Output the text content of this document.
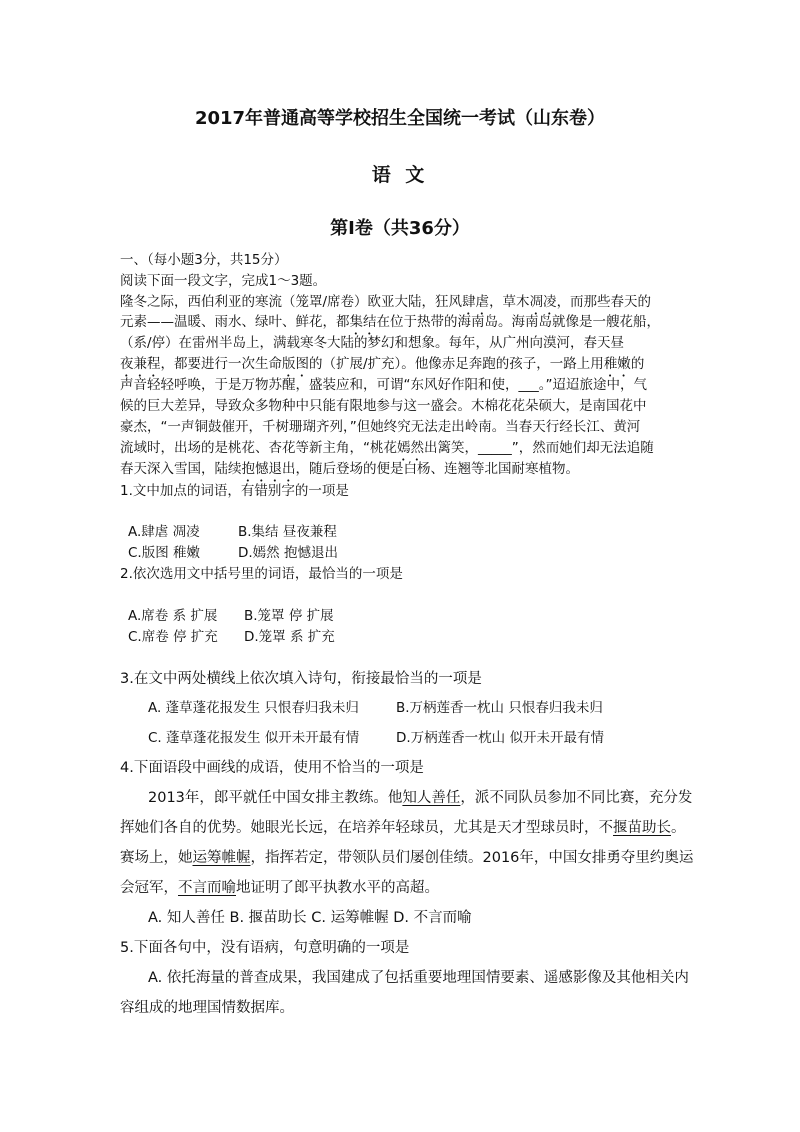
2017年普通高等学校招生全国统一考试（山东卷）
语 文
第Ⅰ卷（共36分）

一、（每小题3分，共15分）

阅读下面一段文字，完成1～3题。

隆冬之际，西伯利亚的寒流（笼罩/席卷）欧亚大陆，狂风肆虐，草木凋凌，而那些春天的

元素——温暖、雨水、绿叶、鲜花，都集结在位于热带的海南岛。海南岛就像是一艘花船，

（系/停）在雷州半岛上，满载寒冬大陆的梦幻和想象。每年，从广州向漠河，春天昼

夜兼程，都要进行一次生命版图的（扩展/扩充）。他像赤足奔跑的孩子，一路上用稚嫩的

声音轻轻呼唤，于是万物苏醒，盛装应和，可谓“东风好作阳和使，___。”迢迢旅途中，气

候的巨大差异，导致众多物种中只能有限地参与这一盛会。木棉花花朵硕大，是南国花中

豪杰，“一声铜鼓催开，千树珊瑚齐列，”但她终究无法走出岭南。当春天行经长江、黄河

流域时，出场的是桃花、杏花等新主角，“桃花嫣然出篱笑，_____”，然而她们却无法追随

春天深入雪国，陆续抱憾退出，随后登场的便是白杨、连翘等北国耐寒植物。

1.文中加点的词语，有错别字的一项是

A.肆虐 凋凌	B.集结 昼夜兼程

C.版图 稚嫩	D.嫣然 抱憾退出

2.依次选用文中括号里的词语，最恰当的一项是

A.席卷 系 扩展 B.笼罩 停 扩展

C.席卷 停 扩充 D.笼罩 系 扩充

3.在文中两处横线上依次填入诗句，衔接最恰当的一项是

A. 蓬草蓬花报发生 只恨春归我未归	B.万柄莲香一枕山 只恨春归我未归

C. 蓬草蓬花报发生 似开未开最有情	D.万柄莲香一枕山 似开未开最有情

4.下面语段中画线的成语，使用不恰当的一项是

2013年，郎平就任中国女排主教练。他知人善任，派不同队员参加不同比赛，充分发

挥她们各自的优势。她眼光长远，在培养年轻球员，尤其是天才型球员时，不揠苗助长。

赛场上，她运筹帷幄，指挥若定，带领队员们屡创佳绩。2016年，中国女排勇夺里约奥运

会冠军，不言而喻地证明了郎平执教水平的高超。

A. 知人善任 B. 揠苗助长 C. 运筹帷幄 D. 不言而喻

5.下面各句中，没有语病，句意明确的一项是

A. 依托海量的普查成果，我国建成了包括重要地理国情要素、遥感影像及其他相关内

容组成的地理国情数据库。
